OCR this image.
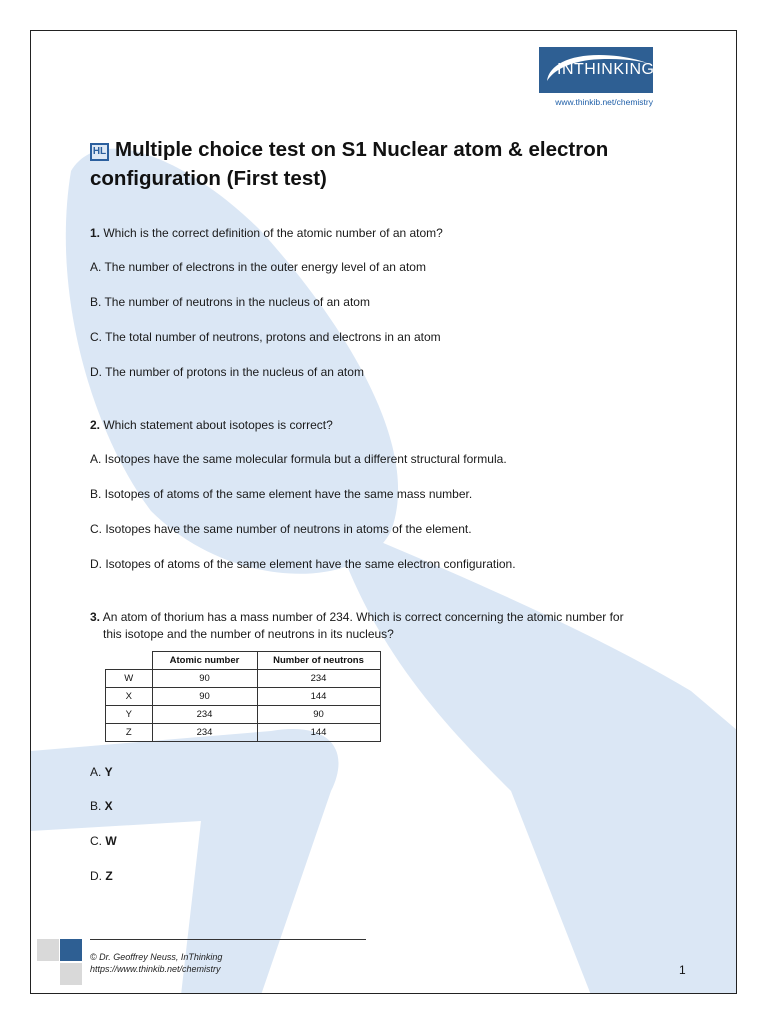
INTHINKING
www.thinkib.net/chemistry
HL Multiple choice test on S1 Nuclear atom & electron configuration (First test)
1. Which is the correct definition of the atomic number of an atom?
A. The number of electrons in the outer energy level of an atom
B. The number of neutrons in the nucleus of an atom
C. The total number of neutrons, protons and electrons in an atom
D. The number of protons in the nucleus of an atom
2. Which statement about isotopes is correct?
A. Isotopes have the same molecular formula but a different structural formula.
B. Isotopes of atoms of the same element have the same mass number.
C. Isotopes have the same number of neutrons in atoms of the element.
D. Isotopes of atoms of the same element have the same electron configuration.
3. An atom of thorium has a mass number of 234. Which is correct concerning the atomic number for
this isotope and the number of neutrons in its nucleus?
	Atomic number	Number of neutrons
W	90	234
X	90	144
Y	234	90
Z	234	144
A. Y
B. X
C. W
D. Z
© Dr. Geoffrey Neuss, InThinking
https://www.thinkib.net/chemistry	1
